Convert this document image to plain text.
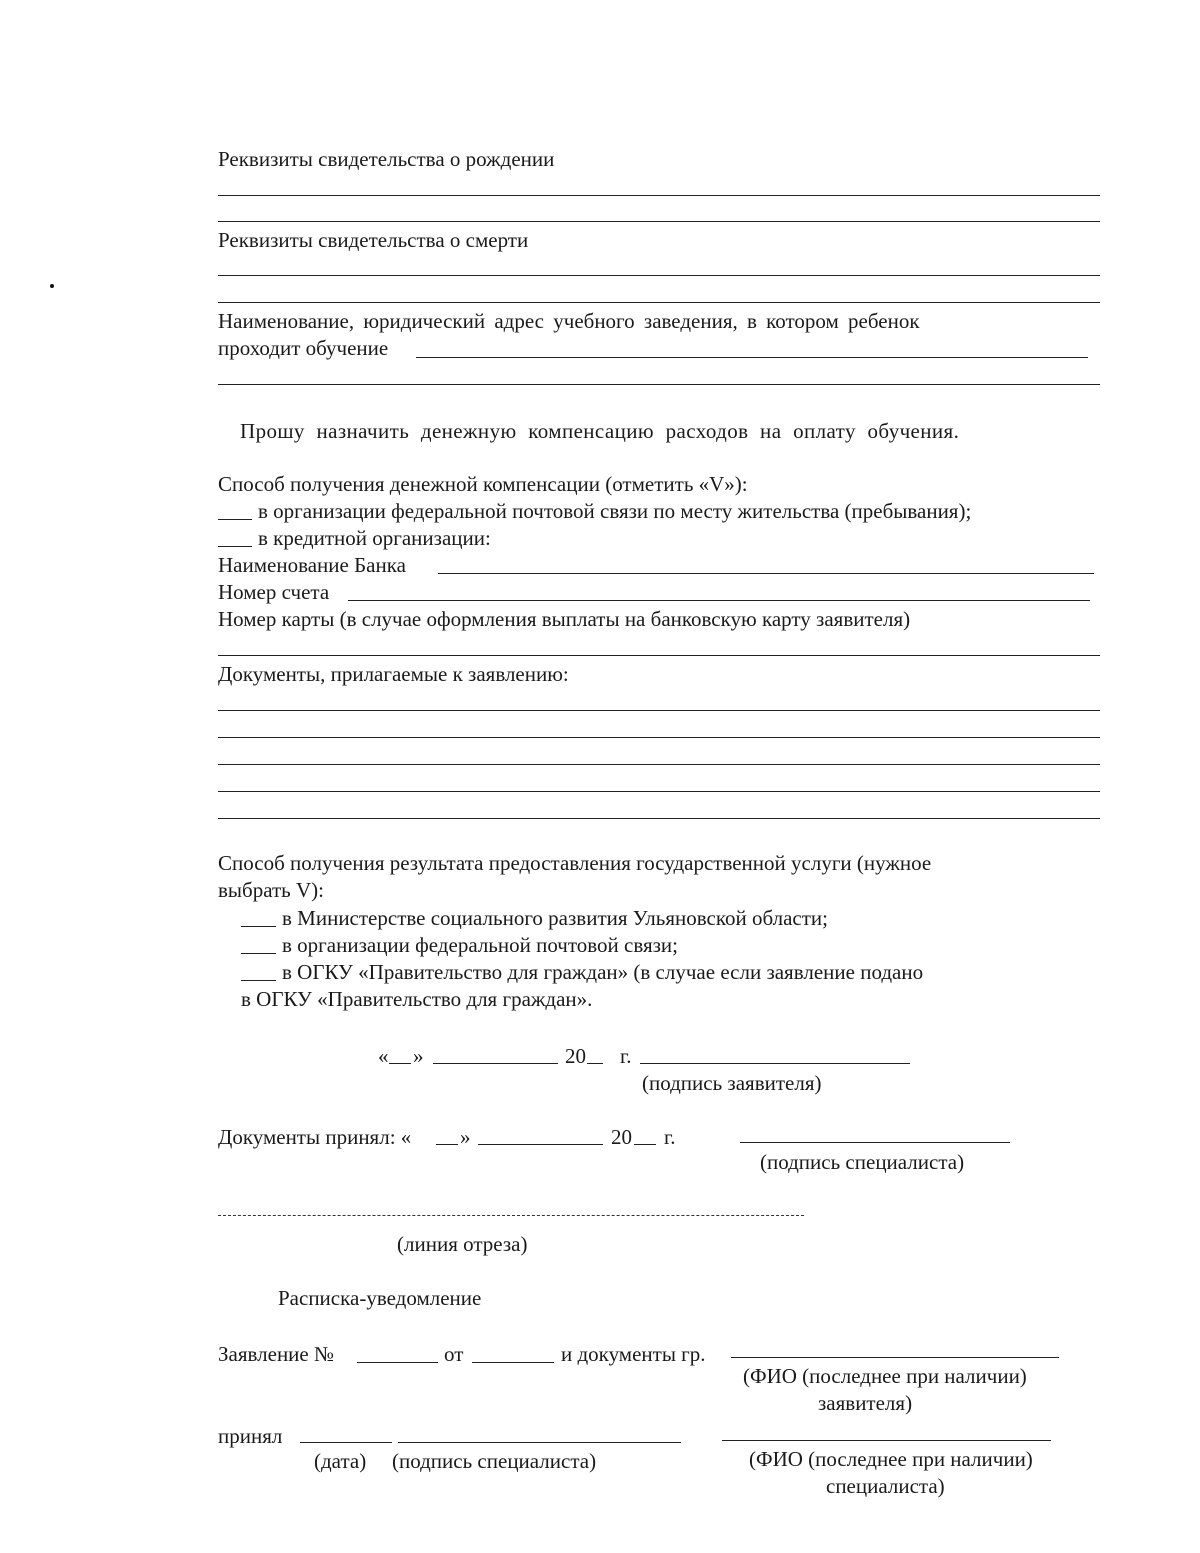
Реквизиты свидетельства о рождении
Реквизиты свидетельства о смерти
Наименование, юридический адрес учебного заведения, в котором ребенок
проходит обучение
Прошу назначить денежную компенсацию расходов на оплату обучения.
Способ получения денежной компенсации (отметить «V»):
в организации федеральной почтовой связи по месту жительства (пребывания);
в кредитной организации:
Наименование Банка
Номер счета
Номер карты (в случае оформления выплаты на банковскую карту заявителя)
Документы, прилагаемые к заявлению:
Способ получения результата предоставления государственной услуги (нужное
выбрать V):
в Министерстве социального развития Ульяновской области;
в организации федеральной почтовой связи;
в ОГКУ «Правительство для граждан» (в случае если заявление подано
в ОГКУ «Правительство для граждан».
« »	20 г.
(подпись заявителя)
Документы принял: « »	20 г.
(подпись специалиста)
(линия отреза)
Расписка-уведомление
Заявление №	от	и документы гр.
(ФИО (последнее при наличии)
заявителя)
принял
(дата) (подпись специалиста)	(ФИО (последнее при наличии)
специалиста)
